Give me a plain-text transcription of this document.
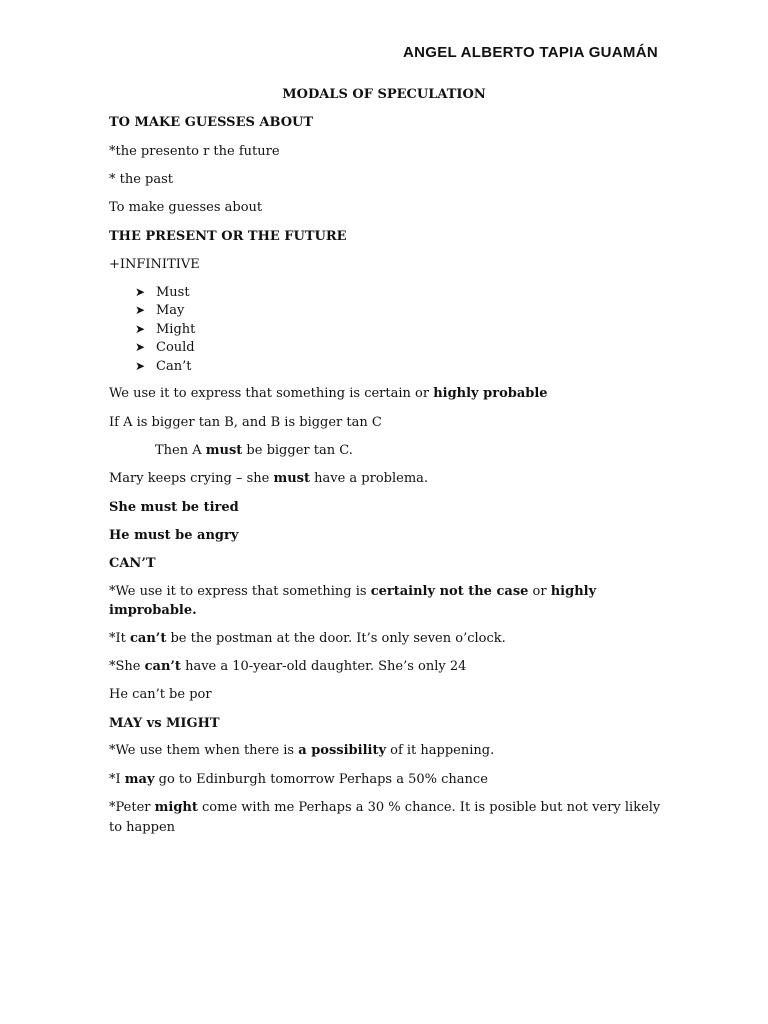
ANGEL ALBERTO TAPIA GUAMÁN
MODALS OF SPECULATION
TO MAKE GUESSES ABOUT
*the presento r the future
* the past
To make guesses about
THE PRESENT OR THE FUTURE
+INFINITIVE
➤ Must
➤ May
➤ Might
➤ Could
➤ Can’t
We use it to express that something is certain or highly probable
If A is bigger tan B, and B is bigger tan C
Then A must be bigger tan C.
Mary keeps crying – she must have a problema.
She must be tired
He must be angry
CAN’T
*We use it to express that something is certainly not the case or highly
improbable.
*It can’t be the postman at the door. It’s only seven o’clock.
*She can’t have a 10-year-old daughter. She’s only 24
He can’t be por
MAY vs MIGHT
*We use them when there is a possibility of it happening.
*I may go to Edinburgh tomorrow Perhaps a 50% chance
*Peter might come with me Perhaps a 30 % chance. It is posible but not very likely
to happen
